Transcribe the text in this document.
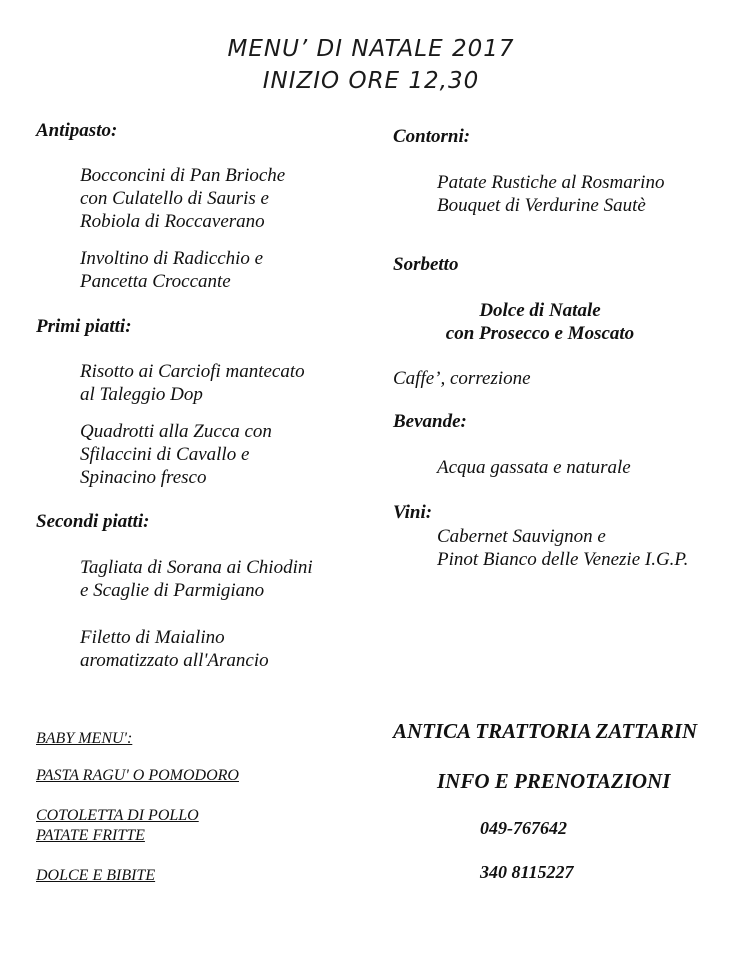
MENU’ DI NATALE 2017
INIZIO ORE 12,30
Antipasto:
Bocconcini di Pan Brioche
con Culatello di Sauris e
Robiola di Roccaverano
Involtino di Radicchio e
Pancetta Croccante
Primi piatti:
Risotto ai Carciofi mantecato
al Taleggio Dop
Quadrotti alla Zucca con
Sfilaccini di Cavallo e
Spinacino fresco
Secondi piatti:
Tagliata di Sorana ai Chiodini
e Scaglie di Parmigiano
Filetto di Maialino
aromatizzato all'Arancio
Contorni:
Patate Rustiche al Rosmarino
Bouquet di Verdurine Sautè
Sorbetto
Dolce di Natale
con Prosecco e Moscato
Caffe’, correzione
Bevande:
Acqua gassata e naturale
Vini:
Cabernet Sauvignon e
Pinot Bianco delle Venezie I.G.P.
BABY MENU':
PASTA RAGU' O POMODORO
COTOLETTA DI POLLO
PATATE FRITTE
DOLCE E BIBITE
ANTICA TRATTORIA ZATTARIN
INFO E PRENOTAZIONI
049-767642
340 8115227
